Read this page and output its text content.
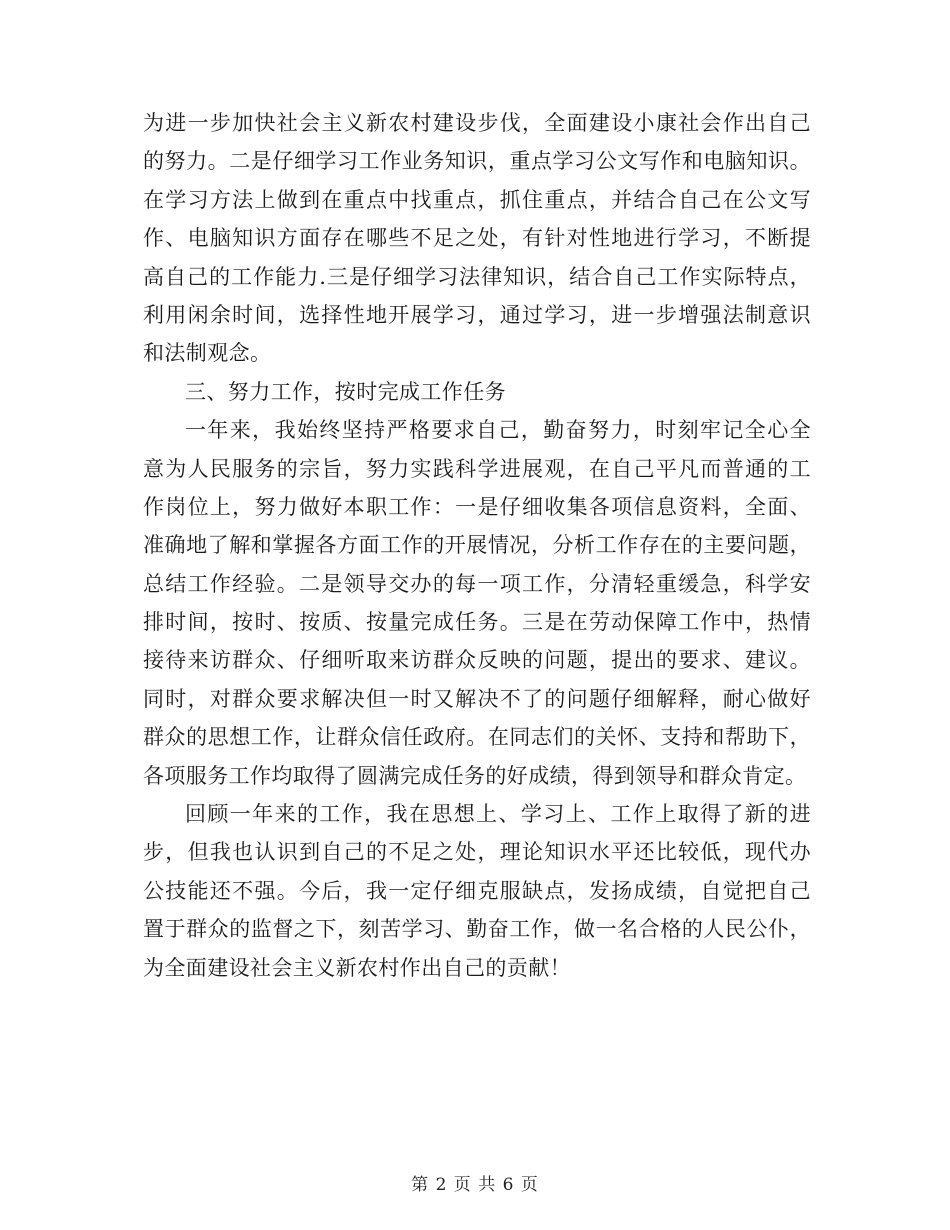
为进一步加快社会主义新农村建设步伐，全面建设小康社会作出自己
的努力。二是仔细学习工作业务知识，重点学习公文写作和电脑知识。
在学习方法上做到在重点中找重点，抓住重点，并结合自己在公文写
作、电脑知识方面存在哪些不足之处，有针对性地进行学习，不断提
高自己的工作能力.三是仔细学习法律知识，结合自己工作实际特点，
利用闲余时间，选择性地开展学习，通过学习，进一步增强法制意识
和法制观念。
三、努力工作，按时完成工作任务
一年来，我始终坚持严格要求自己，勤奋努力，时刻牢记全心全
意为人民服务的宗旨，努力实践科学进展观，在自己平凡而普通的工
作岗位上，努力做好本职工作：一是仔细收集各项信息资料，全面、
准确地了解和掌握各方面工作的开展情况，分析工作存在的主要问题，
总结工作经验。二是领导交办的每一项工作，分清轻重缓急，科学安
排时间，按时、按质、按量完成任务。三是在劳动保障工作中，热情
接待来访群众、仔细听取来访群众反映的问题，提出的要求、建议。
同时，对群众要求解决但一时又解决不了的问题仔细解释，耐心做好
群众的思想工作，让群众信任政府。在同志们的关怀、支持和帮助下，
各项服务工作均取得了圆满完成任务的好成绩，得到领导和群众肯定。
回顾一年来的工作，我在思想上、学习上、工作上取得了新的进
步，但我也认识到自己的不足之处，理论知识水平还比较低，现代办
公技能还不强。今后，我一定仔细克服缺点，发扬成绩，自觉把自己
置于群众的监督之下，刻苦学习、勤奋工作，做一名合格的人民公仆，
为全面建设社会主义新农村作出自己的贡献！
第 2 页 共 6 页
